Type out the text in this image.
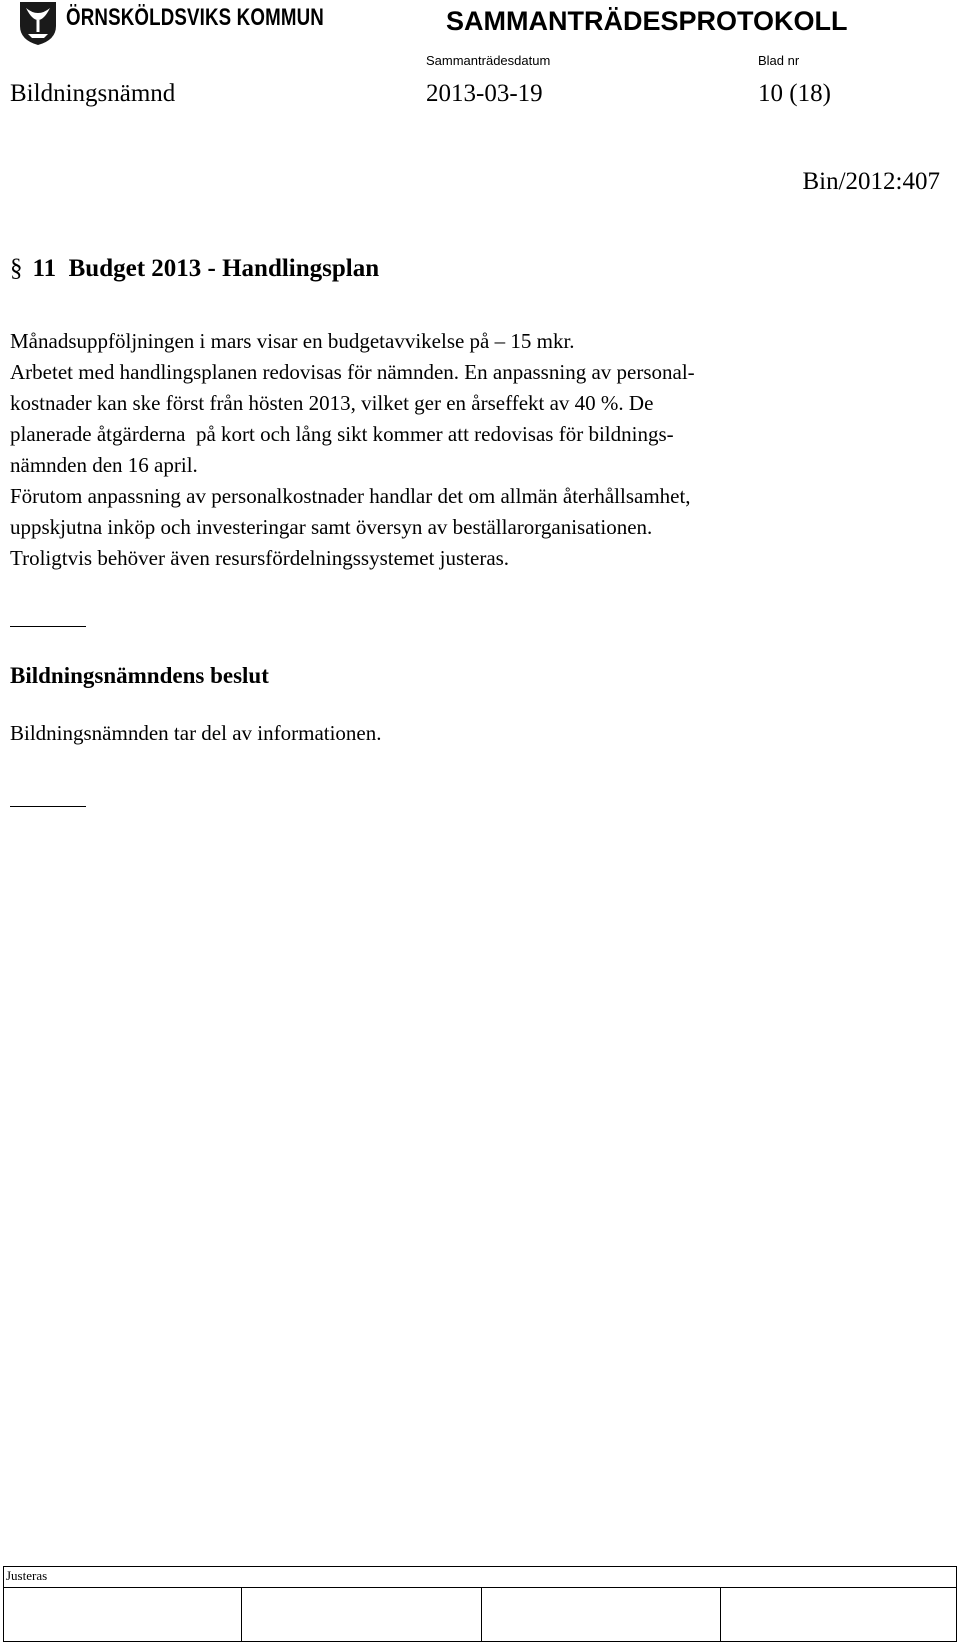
ÖRNSKÖLDSVIKS KOMMUN	SAMMANTRÄDESPROTOKOLL
Sammanträdesdatum	Blad nr
Bildningsnämnd	2013-03-19	10 (18)
Bin/2012:407
§ 11  Budget 2013 - Handlingsplan
Månadsuppföljningen i mars visar en budgetavvikelse på – 15 mkr.
Arbetet med handlingsplanen redovisas för nämnden. En anpassning av personal-
kostnader kan ske först från hösten 2013, vilket ger en årseffekt av 40 %. De
planerade åtgärderna  på kort och lång sikt kommer att redovisas för bildnings-
nämnden den 16 april.
Förutom anpassning av personalkostnader handlar det om allmän återhållsamhet,
uppskjutna inköp och investeringar samt översyn av beställarorganisationen.
Troligtvis behöver även resursfördelningssystemet justeras.
Bildningsnämndens beslut
Bildningsnämnden tar del av informationen.
Justeras
